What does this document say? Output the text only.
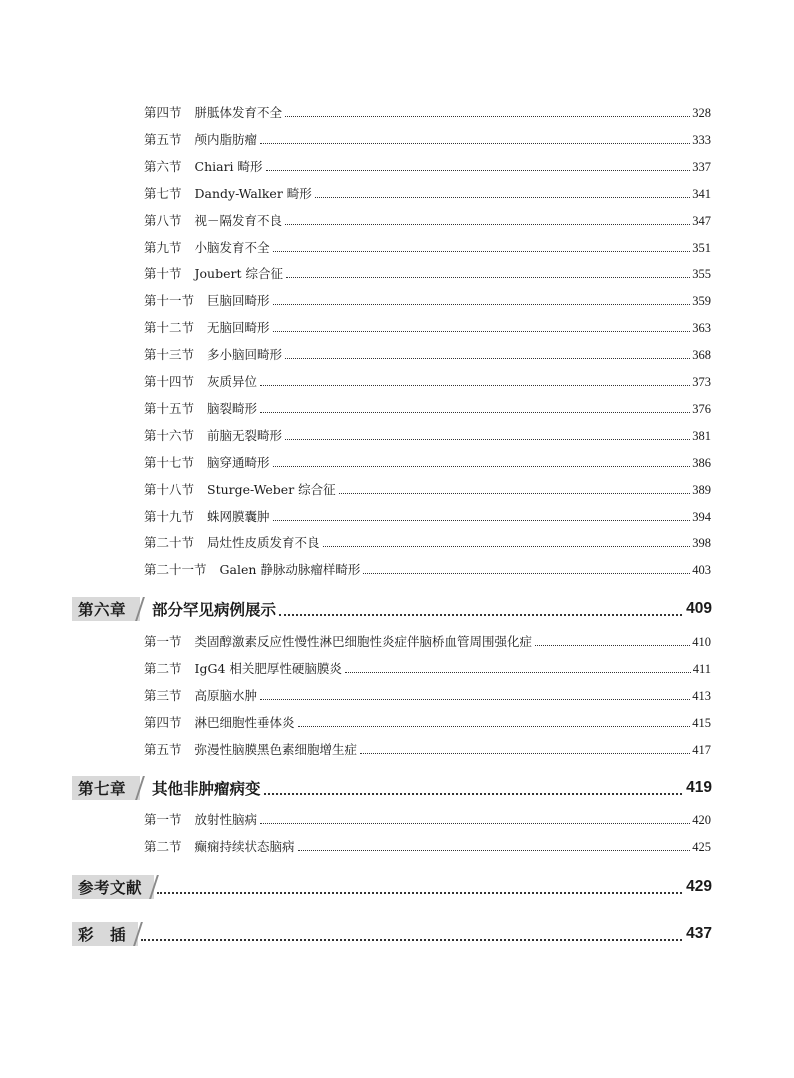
第四节 胼胝体发育不全	328
第五节 颅内脂肪瘤	333
第六节 Chiari 畸形	337
第七节 Dandy-Walker 畸形	341
第八节 视－隔发育不良	347
第九节 小脑发育不全	351
第十节 Joubert 综合征	355
第十一节 巨脑回畸形	359
第十二节 无脑回畸形	363
第十三节 多小脑回畸形	368
第十四节 灰质异位	373
第十五节 脑裂畸形	376
第十六节 前脑无裂畸形	381
第十七节 脑穿通畸形	386
第十八节 Sturge-Weber 综合征	389
第十九节 蛛网膜囊肿	394
第二十节 局灶性皮质发育不良	398
第二十一节 Galen 静脉动脉瘤样畸形	403
第六章	部分罕见病例展示	409
第一节 类固醇激素反应性慢性淋巴细胞性炎症伴脑桥血管周围强化症	410
第二节 IgG4 相关肥厚性硬脑膜炎	411
第三节 高原脑水肿	413
第四节 淋巴细胞性垂体炎	415
第五节 弥漫性脑膜黑色素细胞增生症	417
第七章	其他非肿瘤病变	419
第一节 放射性脑病	420
第二节 癫痫持续状态脑病	425
参考文献	429
彩　插	437
